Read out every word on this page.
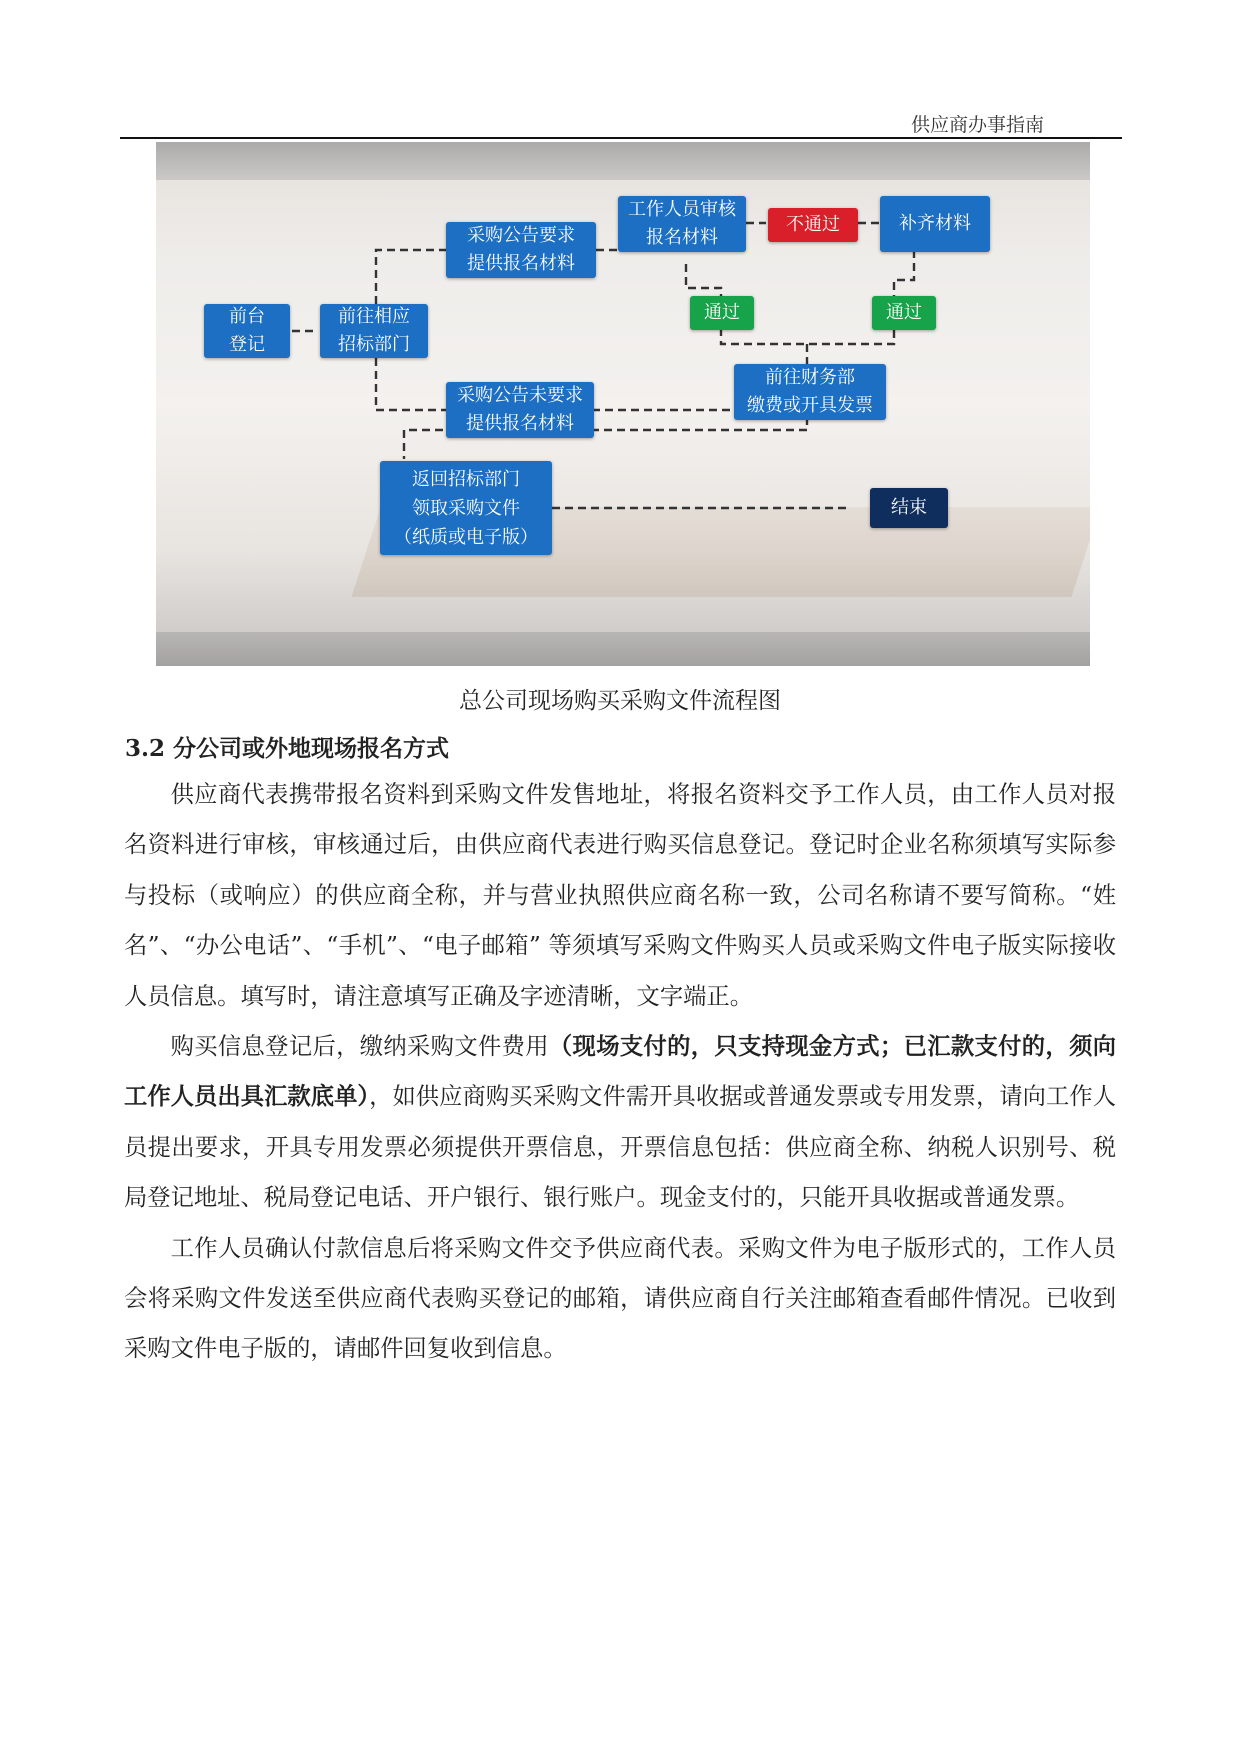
供应商办事指南
前台
登记
前往相应
招标部门
采购公告要求
提供报名材料
工作人员审核
报名材料
不通过	补齐材料
通过	通过
采购公告未要求
提供报名材料
前往财务部
缴费或开具发票
返回招标部门
领取采购文件
（纸质或电子版）
结束
总公司现场购买采购文件流程图
3.2 分公司或外地现场报名方式

供应商代表携带报名资料到采购文件发售地址，将报名资料交予工作人员，由工作人员对报名资料进行审核，审核通过后，由供应商代表进行购买信息登记。登记时企业名称须填写实际参与投标（或响应）的供应商全称，并与营业执照供应商名称一致，公司名称请不要写简称。“姓名”、“办公电话”、“手机”、“电子邮箱” 等须填写采购文件购买人员或采购文件电子版实际接收人员信息。填写时，请注意填写正确及字迹清晰，文字端正。

购买信息登记后，缴纳采购文件费用（现场支付的，只支持现金方式；已汇款支付的，须向工作人员出具汇款底单），如供应商购买采购文件需开具收据或普通发票或专用发票，请向工作人员提出要求，开具专用发票必须提供开票信息，开票信息包括：供应商全称、纳税人识别号、税局登记地址、税局登记电话、开户银行、银行账户。现金支付的，只能开具收据或普通发票。

工作人员确认付款信息后将采购文件交予供应商代表。采购文件为电子版形式的，工作人员会将采购文件发送至供应商代表购买登记的邮箱，请供应商自行关注邮箱查看邮件情况。已收到采购文件电子版的，请邮件回复收到信息。
